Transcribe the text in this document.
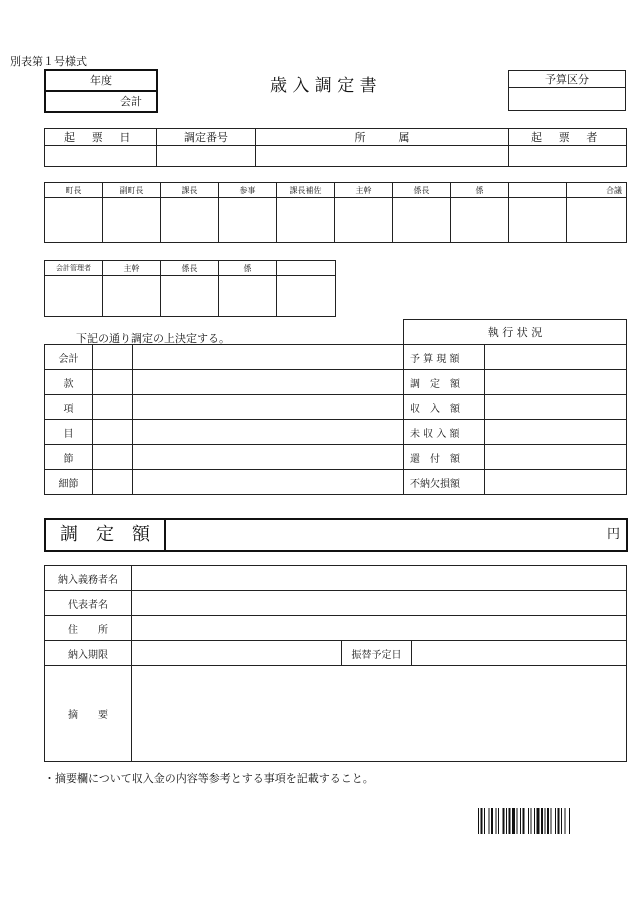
別表第１号様式
年度
会計
歳 入 調 定 書	予算区分

起 票 日	調定番号	所　　　属	起 票 者

町長	副町長	課長	参事	課長補佐	主幹	係長	係		合議

会計管理者	主幹	係長	係	

下記の通り調定の上決定する。	執 行 状 況
会計			予 算 現 額	
款			調　定　額	
項			収　入　額	
目			未 収 入 額	
節			還　付　額	
細節			不納欠損額	
調　定　額	円
納入義務者名			
代表者名			
住　　所			
納入期限		振替予定日	
摘　　要			
・摘要欄について収入金の内容等参考とする事項を記載すること。
